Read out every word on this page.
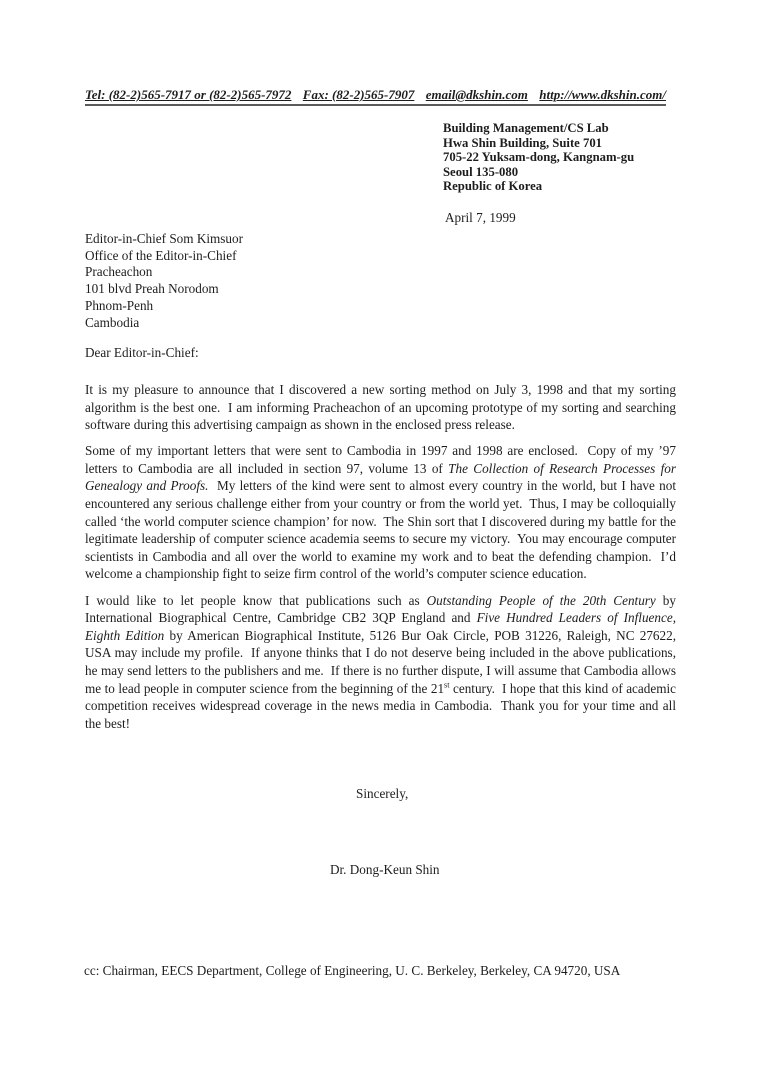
Tel: (82-2)565-7917 or (82-2)565-7972 Fax: (82-2)565-7907 email@dkshin.com http://www.dkshin.com/
Building Management/CS Lab
Hwa Shin Building, Suite 701
705-22 Yuksam-dong, Kangnam-gu
Seoul 135-080
Republic of Korea
April 7, 1999
Editor-in-Chief Som Kimsuor
Office of the Editor-in-Chief
Pracheachon
101 blvd Preah Norodom
Phnom-Penh
Cambodia
Dear Editor-in-Chief:

It is my pleasure to announce that I discovered a new sorting method on July 3, 1998 and that my sorting algorithm is the best one.  I am informing Pracheachon of an upcoming prototype of my sorting and searching software during this advertising campaign as shown in the enclosed press release.

Some of my important letters that were sent to Cambodia in 1997 and 1998 are enclosed.  Copy of my ’97 letters to Cambodia are all included in section 97, volume 13 of The Collection of Research Processes for Genealogy and Proofs.  My letters of the kind were sent to almost every country in the world, but I have not encountered any serious challenge either from your country or from the world yet.  Thus, I may be colloquially called ‘the world computer science champion’ for now.  The Shin sort that I discovered during my battle for the legitimate leadership of computer science academia seems to secure my victory.  You may encourage computer scientists in Cambodia and all over the world to examine my work and to beat the defending champion.  I’d welcome a championship fight to seize firm control of the world’s computer science education.

I would like to let people know that publications such as Outstanding People of the 20th Century by International Biographical Centre, Cambridge CB2 3QP England and Five Hundred Leaders of Influence, Eighth Edition by American Biographical Institute, 5126 Bur Oak Circle, POB 31226, Raleigh, NC 27622, USA may include my profile.  If anyone thinks that I do not deserve being included in the above publications, he may send letters to the publishers and me.  If there is no further dispute, I will assume that Cambodia allows me to lead people in computer science from the beginning of the 21st century.  I hope that this kind of academic competition receives widespread coverage in the news media in Cambodia.  Thank you for your time and all the best!

Sincerely,
Dr. Dong-Keun Shin
cc: Chairman, EECS Department, College of Engineering, U. C. Berkeley, Berkeley, CA 94720, USA
